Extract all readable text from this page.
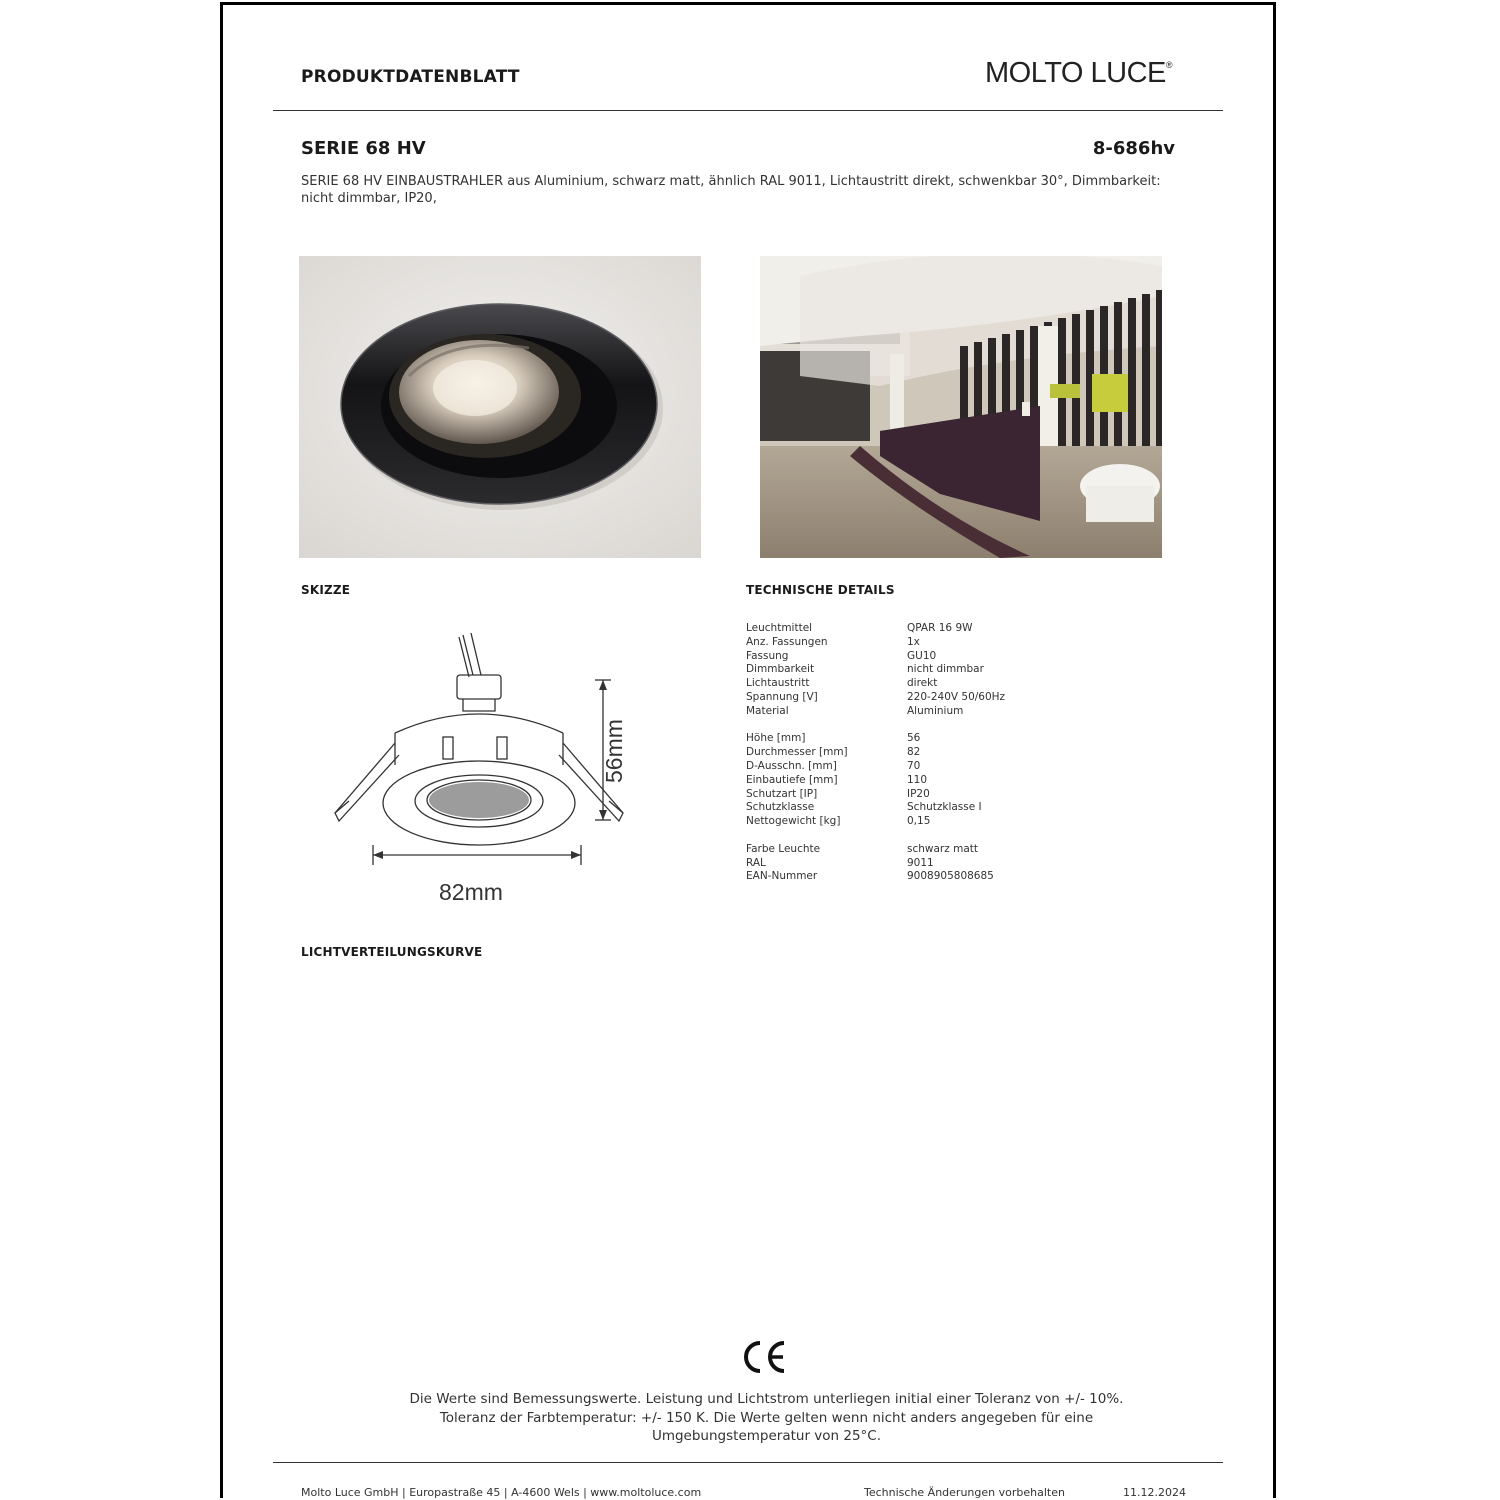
PRODUKTDATENBLATT	MOLTO LUCE®
SERIE 68 HV	8-686hv
SERIE 68 HV EINBAUSTRAHLER aus Aluminium, schwarz matt, ähnlich RAL 9011, Lichtaustritt direkt, schwenkbar 30°, Dimmbarkeit: nicht dimmbar, IP20,
SKIZZE	TECHNISCHE DETAILS
LICHTVERTEILUNGSKURVE
56mm
82mm
Leuchtmittel	QPAR 16 9W
Anz. Fassungen	1x
Fassung	GU10
Dimmbarkeit	nicht dimmbar
Lichtaustritt	direkt
Spannung [V]	220-240V 50/60Hz
Material	Aluminium
Höhe [mm]	56
Durchmesser [mm]	82
D-Ausschn. [mm]	70
Einbautiefe [mm]	110
Schutzart [IP]	IP20
Schutzklasse	Schutzklasse I
Nettogewicht [kg]	0,15
Farbe Leuchte	schwarz matt
RAL	9011
EAN-Nummer	9008905808685
Die Werte sind Bemessungswerte. Leistung und Lichtstrom unterliegen initial einer Toleranz von +/- 10%.
Toleranz der Farbtemperatur: +/- 150 K. Die Werte gelten wenn nicht anders angegeben für eine
Umgebungstemperatur von 25°C.
Molto Luce GmbH | Europastraße 45 | A-4600 Wels | www.moltoluce.com	Technische Änderungen vorbehalten	11.12.2024
